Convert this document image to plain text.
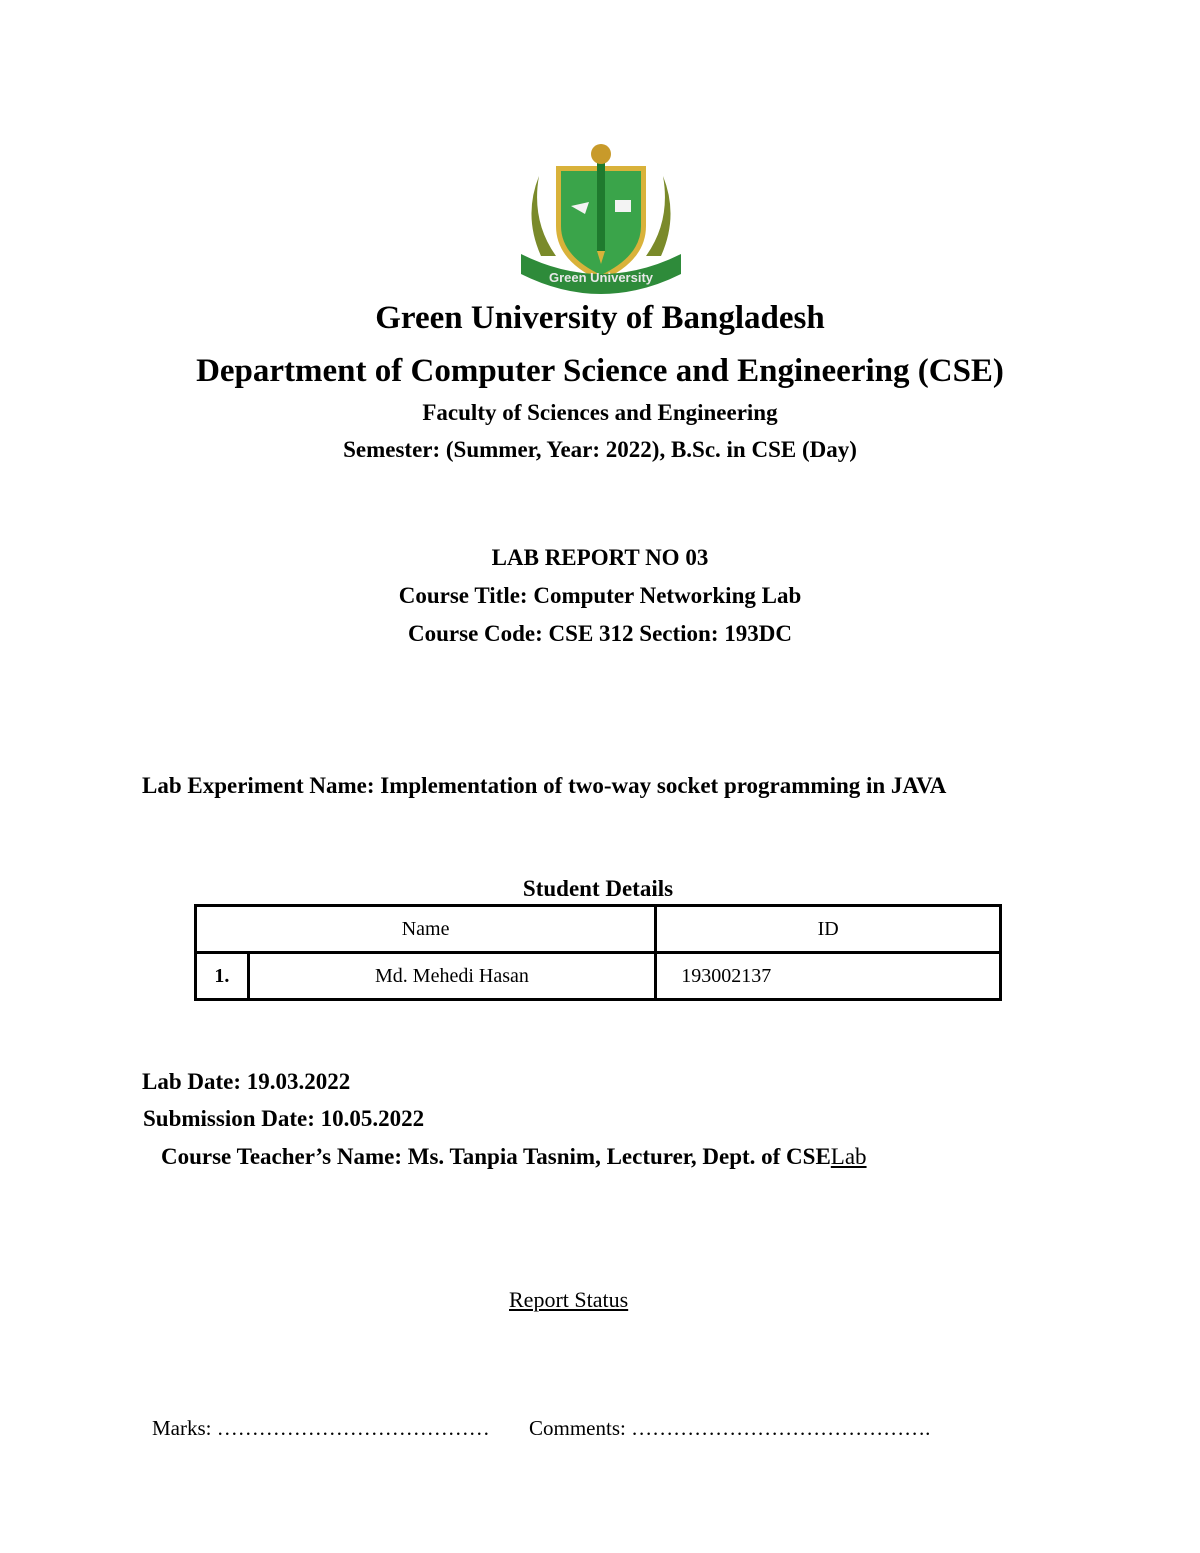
Green University
Green University of Bangladesh
Department of Computer Science and Engineering (CSE)
Faculty of Sciences and Engineering
Semester: (Summer, Year: 2022), B.Sc. in CSE (Day)
LAB REPORT NO 03
Course Title: Computer Networking Lab
Course Code: CSE 312 Section: 193DC
Lab Experiment Name: Implementation of two-way socket programming in JAVA
Student Details
Name		ID
1.	Md. Mehedi Hasan	193002137
Lab Date: 19.03.2022
Submission Date: 10.05.2022
Course Teacher’s Name: Ms. Tanpia Tasnim, Lecturer, Dept. of CSELab
Report Status
Marks: ………………………………… Comments: …………………………………….
